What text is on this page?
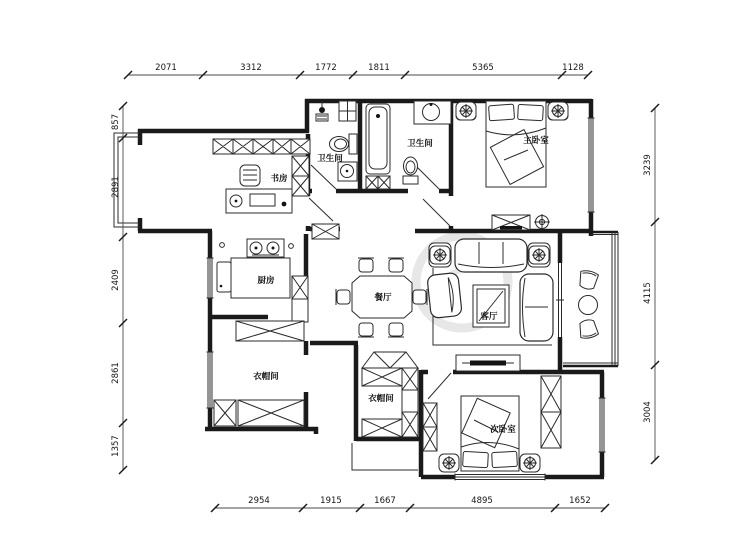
书房
卫生间
卫生间	主卧室
厨房
餐厅
客厅
衣帽间
衣帽间
次卧室
2071	3312	1772	1811	5365	1128
2954	1915	1667	4895	1652
857
2891
2409
2861
1357
3239
4115
3004
